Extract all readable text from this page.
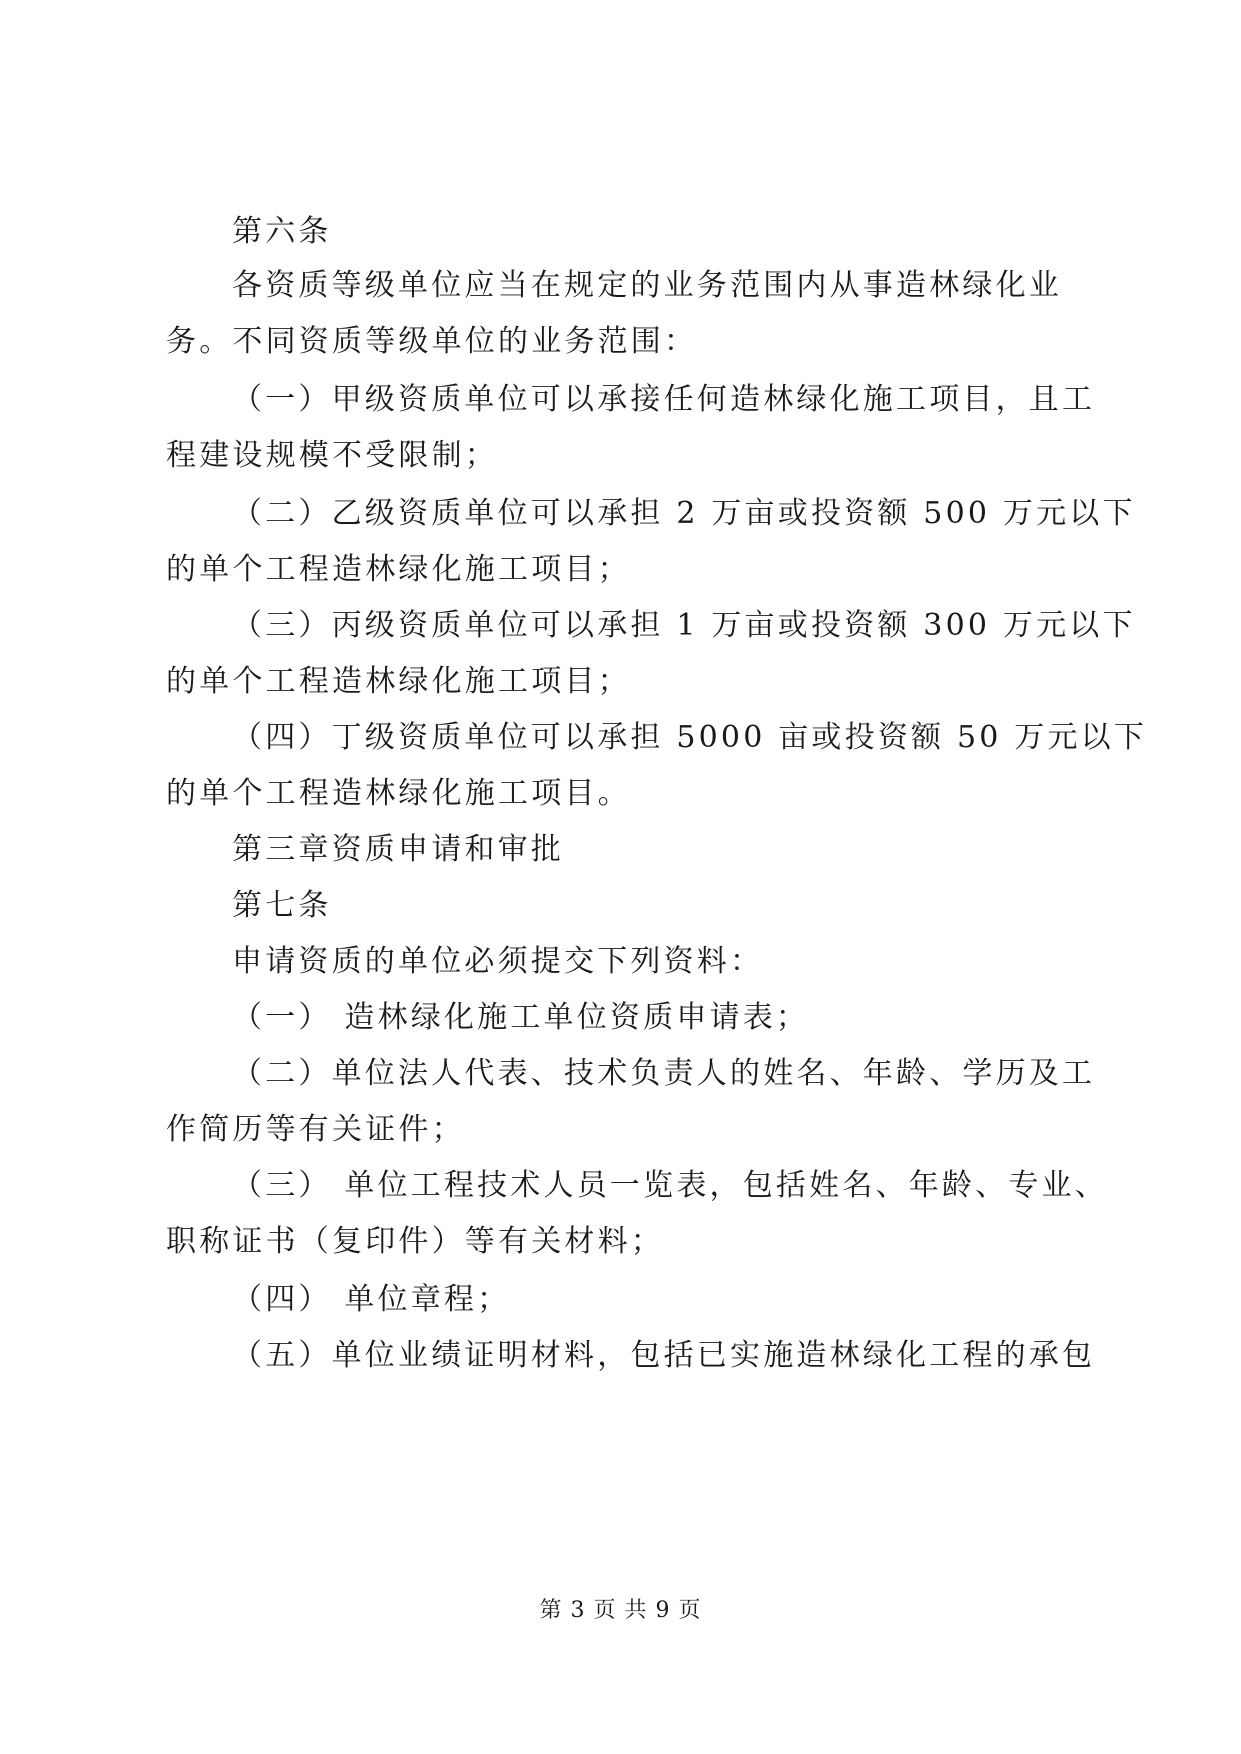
第六条
各资质等级单位应当在规定的业务范围内从事造林绿化业
务。不同资质等级单位的业务范围：
（一）甲级资质单位可以承接任何造林绿化施工项目，且工
程建设规模不受限制；
（二）乙级资质单位可以承担 2 万亩或投资额 500 万元以下
的单个工程造林绿化施工项目；
（三）丙级资质单位可以承担 1 万亩或投资额 300 万元以下
的单个工程造林绿化施工项目；
（四）丁级资质单位可以承担 5000 亩或投资额 50 万元以下
的单个工程造林绿化施工项目。
第三章资质申请和审批
第七条
申请资质的单位必须提交下列资料：
（一） 造林绿化施工单位资质申请表；
（二）单位法人代表、技术负责人的姓名、年龄、学历及工
作简历等有关证件；
（三） 单位工程技术人员一览表，包括姓名、年龄、专业、
职称证书（复印件）等有关材料；
（四） 单位章程；
（五）单位业绩证明材料，包括已实施造林绿化工程的承包
第 3 页 共 9 页
